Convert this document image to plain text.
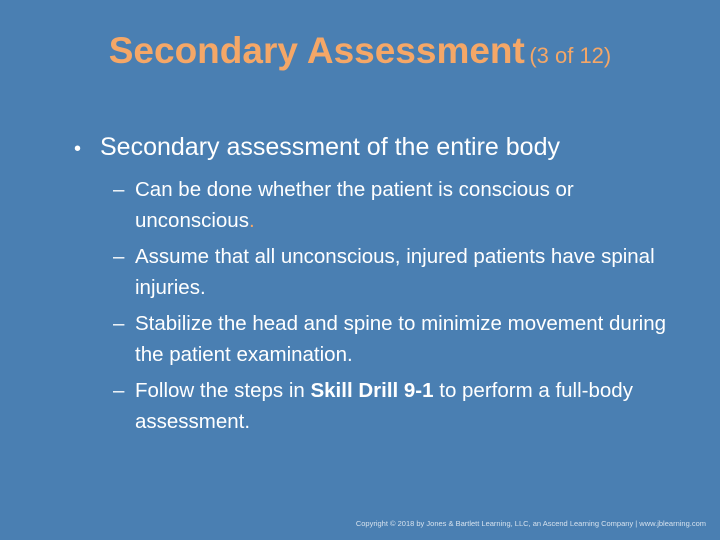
Secondary Assessment (3 of 12)
• Secondary assessment of the entire body
– Can be done whether the patient is conscious or unconscious.
– Assume that all unconscious, injured patients have spinal injuries.
– Stabilize the head and spine to minimize movement during the patient examination.
– Follow the steps in Skill Drill 9-1 to perform a full-body assessment.
Copyright © 2018 by Jones & Bartlett Learning, LLC, an Ascend Learning Company | www.jblearning.com
